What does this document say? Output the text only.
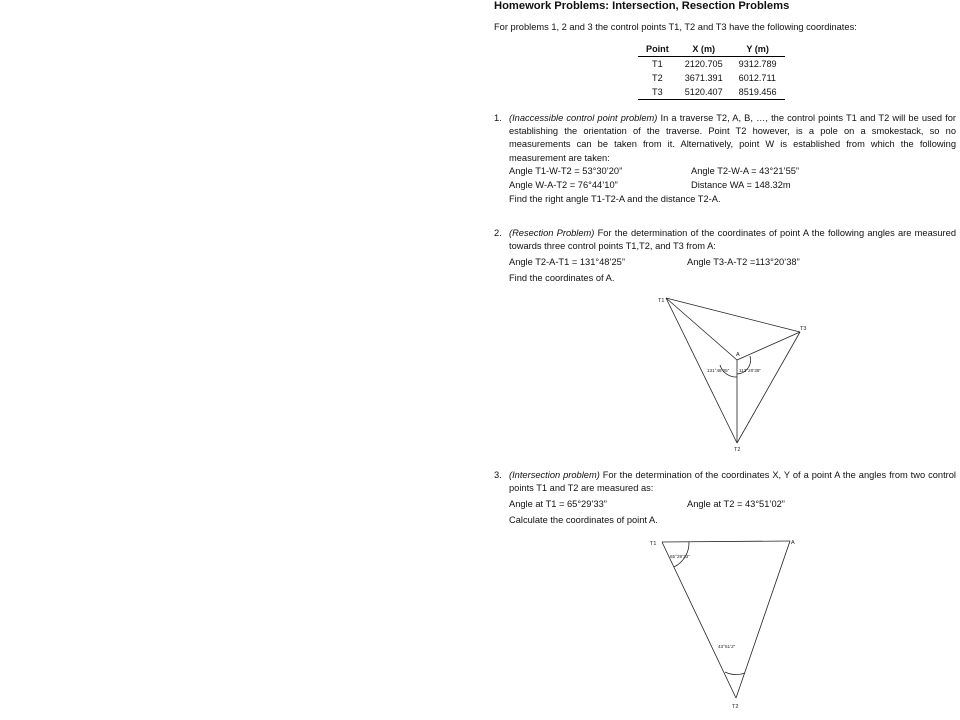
Homework Problems: Intersection, Resection Problems
For problems 1, 2 and 3 the control points T1, T2 and T3 have the following coordinates:
Point	X (m)	Y (m)
T1	2120.705	9312.789
T2	3671.391	6012.711
T3	5120.407	8519.456
1. (Inaccessible control point problem) In a traverse T2, A, B, …, the control points T1 and T2 will be used for establishing the orientation of the traverse. Point T2 however, is a pole on a smokestack, so no measurements can be taken from it. Alternatively, point W is established from which the following measurement are taken:
Angle T1-W-T2 = 53°30’20”	Angle T2-W-A = 43°21’55”
Angle W-A-T2 = 76°44’10”	Distance WA = 148.32m
Find the right angle T1-T2-A and the distance T2-A.
2. (Resection Problem) For the determination of the coordinates of point A the following angles are measured towards three control points T1,T2, and T3 from A:
Angle T2-A-T1 = 131°48’25”	Angle T3-A-T2 =113°20’38”
Find the coordinates of A.
3. (Intersection problem) For the determination of the coordinates X, Y of a point A the angles from two control points T1 and T2 are measured as:
Angle at T1 = 65°29’33”	Angle at T2 = 43°51’02”
Calculate the coordinates of point A.
T1
T3
T2
A
131°48’25” 113°20’38”
T1	A
T2
65°29’33”
43°51’2”
